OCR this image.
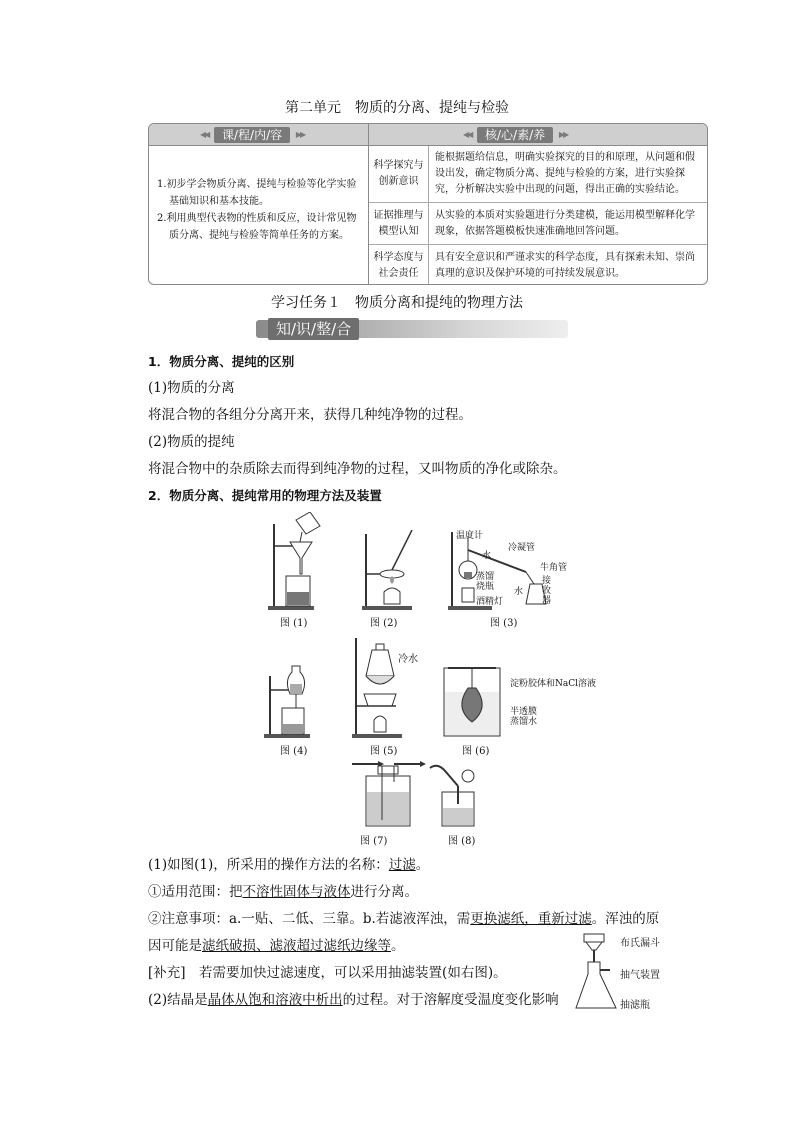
第二单元　物质的分离、提纯与检验
◀◀ 课/程/内/容 ▶▶
◀◀	核/心/素/养 ▶▶

1.初步学会物质分离、提纯与检验等化学实验基础知识和基本技能。

2.利用典型代表物的性质和反应，设计常见物质分离、提纯与检验等简单任务的方案。

科学探究与创新意识
能根据题给信息，明确实验探究的目的和原理，从问题和假设出发，确定物质分离、提纯与检验的方案，进行实验探究，分析解决实验中出现的问题，得出正确的实验结论。
证据推理与模型认知
从实验的本质对实验题进行分类建模，能运用模型解释化学现象，依据答题模板快速准确地回答问题。
科学态度与社会责任
具有安全意识和严谨求实的科学态度，具有探索未知、崇尚真理的意识及保护环境的可持续发展意识。
学习任务１　物质分离和提纯的物理方法
知/识/整/合
1．物质分离、提纯的区别
(1)物质的分离
将混合物的各组分分离开来，获得几种纯净物的过程。
(2)物质的提纯
将混合物中的杂质除去而得到纯净物的过程，又叫物质的净化或除杂。
2．物质分离、提纯常用的物理方法及装置
图 (1)	图 (2)
温度计
冷凝管
水
牛角管
蒸馏烧瓶
酒精灯
水
接收器
图 (3)
图 (4)
冷水
图 (5)
淀粉胶体和NaCl溶液
半透膜
蒸馏水
图 (6)
图 (7)	图 (8)
(1)如图(1)，所采用的操作方法的名称：过滤。
①适用范围：把不溶性固体与液体进行分离。
②注意事项：a.一贴、二低、三靠。b.若滤液浑浊，需更换滤纸，重新过滤。浑浊的原
因可能是滤纸破损、滤液超过滤纸边缘等。
[补充]　若需要加快过滤速度，可以采用抽滤装置(如右图)。
(2)结晶是晶体从饱和溶液中析出的过程。对于溶解度受温度变化影响
布氏漏斗
抽气装置
抽滤瓶
